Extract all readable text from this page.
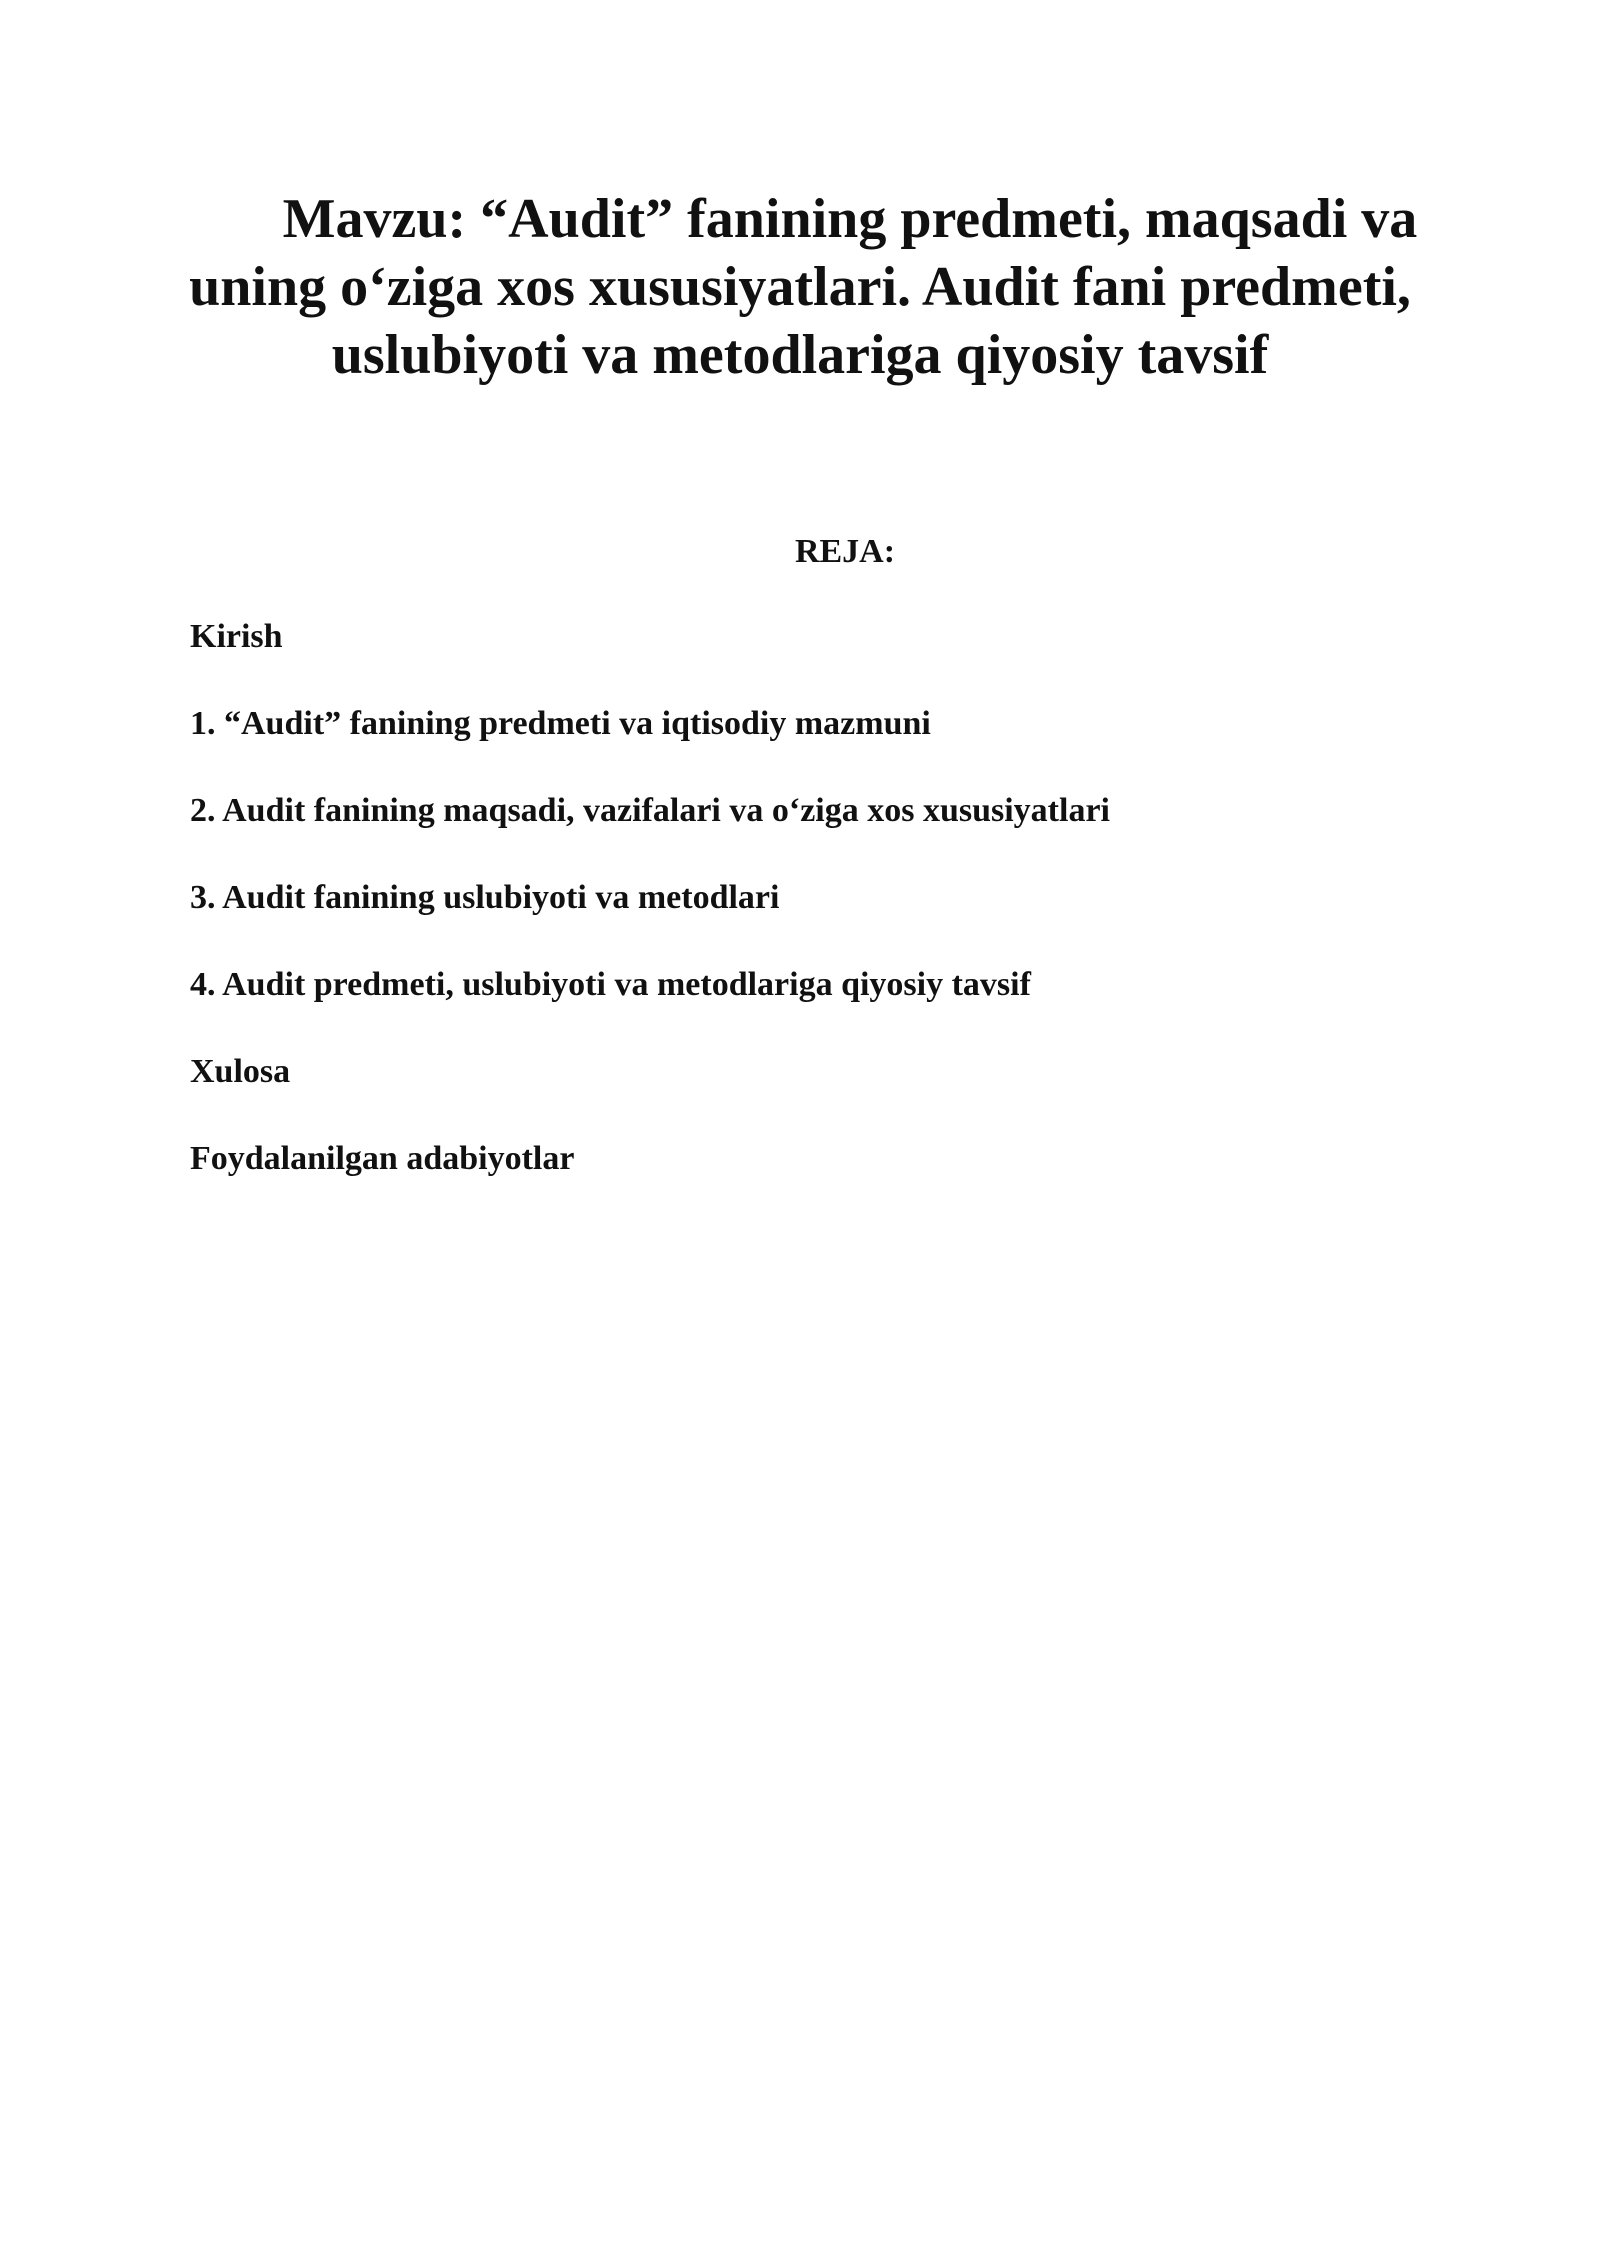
Mavzu: “Audit” fanining predmeti, maqsadi va uning o‘ziga xos xususiyatlari. Audit fani predmeti, uslubiyoti va metodlariga qiyosiy tavsif
REJA:
Kirish
1. “Audit” fanining predmeti va iqtisodiy mazmuni
2. Audit fanining maqsadi, vazifalari va o‘ziga xos xususiyatlari
3. Audit fanining uslubiyoti va metodlari
4. Audit predmeti, uslubiyoti va metodlariga qiyosiy tavsif
Xulosa
Foydalanilgan adabiyotlar
